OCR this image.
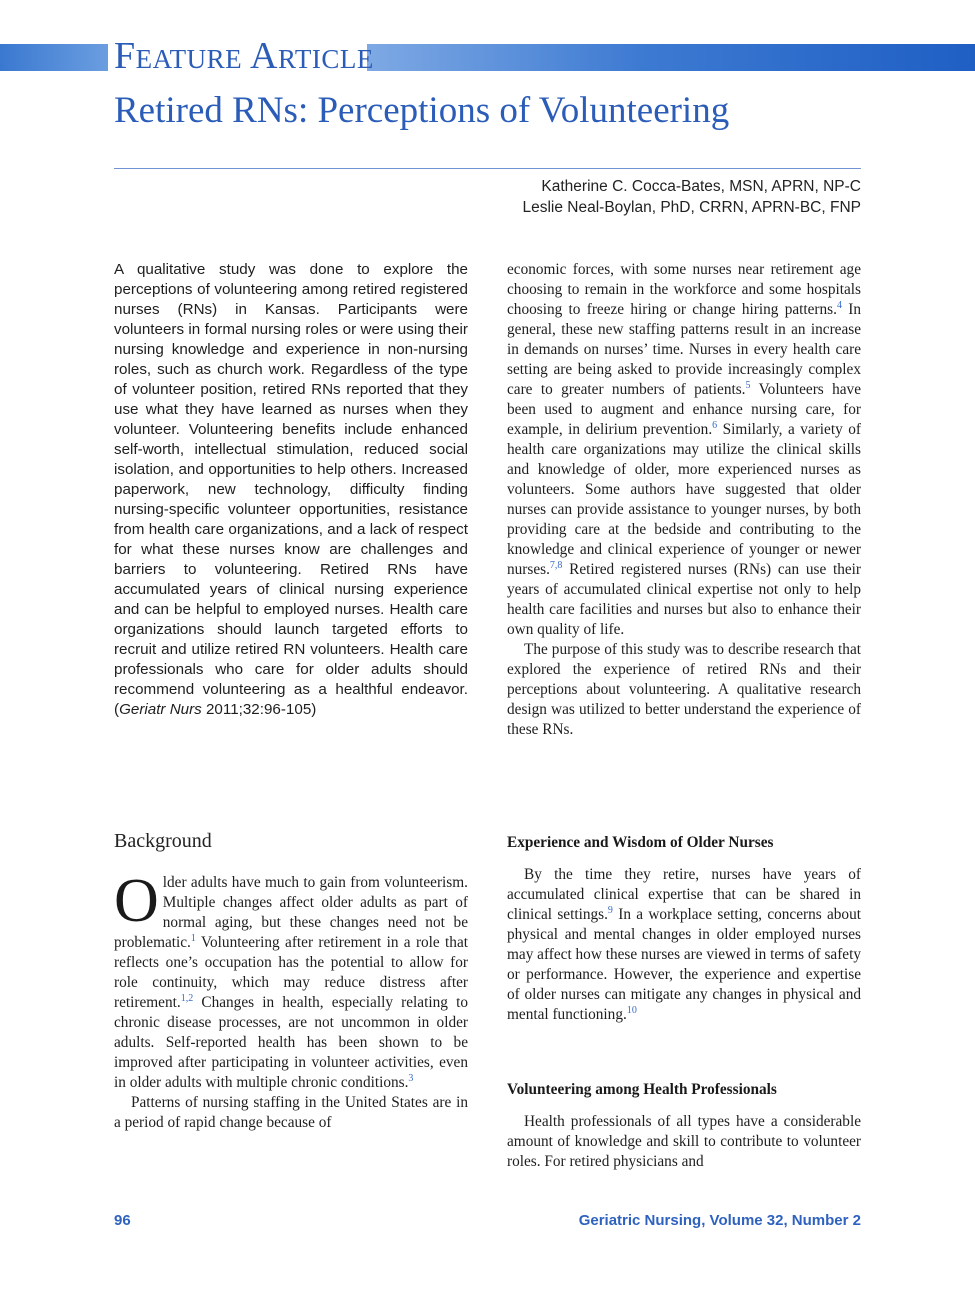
Feature Article
Retired RNs: Perceptions of Volunteering
Katherine C. Cocca-Bates, MSN, APRN, NP-C
Leslie Neal-Boylan, PhD, CRRN, APRN-BC, FNP

A qualitative study was done to explore the perceptions of volunteering among retired registered nurses (RNs) in Kansas. Participants were volunteers in formal nursing roles or were using their nursing knowledge and experience in non-nursing roles, such as church work. Regardless of the type of volunteer position, retired RNs reported that they use what they have learned as nurses when they volunteer. Volunteering benefits include enhanced self-worth, intellectual stimulation, reduced social isolation, and opportunities to help others. Increased paperwork, new technology, difficulty finding nursing-specific volunteer opportunities, resistance from health care organizations, and a lack of respect for what these nurses know are challenges and barriers to volunteering. Retired RNs have accumulated years of clinical nursing experience and can be helpful to employed nurses. Health care organizations should launch targeted efforts to recruit and utilize retired RN volunteers. Health care professionals who care for older adults should recommend volunteering as a healthful endeavor. (Geriatr Nurs 2011;32:96-105)

Background

Older adults have much to gain from volunteerism. Multiple changes affect older adults as part of normal aging, but these changes need not be problematic.$^1$ Volunteering after retirement in a role that reflects one’s occupation has the potential to allow for role continuity, which may reduce distress after retirement.$^{1,2}$ Changes in health, especially relating to chronic disease processes, are not uncommon in older adults. Self-reported health has been shown to be improved after participating in volunteer activities, even in older adults with multiple chronic conditions.$^3$

Patterns of nursing staffing in the United States are in a period of rapid change because of

economic forces, with some nurses near retirement age choosing to remain in the workforce and some hospitals choosing to freeze hiring or change hiring patterns.$^4$ In general, these new staffing patterns result in an increase in demands on nurses’ time. Nurses in every health care setting are being asked to provide increasingly complex care to greater numbers of patients.$^5$ Volunteers have been used to augment and enhance nursing care, for example, in delirium prevention.$^6$ Similarly, a variety of health care organizations may utilize the clinical skills and knowledge of older, more experienced nurses as volunteers. Some authors have suggested that older nurses can provide assistance to younger nurses, by both providing care at the bedside and contributing to the knowledge and clinical experience of younger or newer nurses.$^{7,8}$ Retired registered nurses (RNs) can use their years of accumulated clinical expertise not only to help health care facilities and nurses but also to enhance their own quality of life.

The purpose of this study was to describe research that explored the experience of retired RNs and their perceptions about volunteering. A qualitative research design was utilized to better understand the experience of these RNs.

Experience and Wisdom of Older Nurses

By the time they retire, nurses have years of accumulated clinical expertise that can be shared in clinical settings.$^9$ In a workplace setting, concerns about physical and mental changes in older employed nurses may affect how these nurses are viewed in terms of safety or performance. However, the experience and expertise of older nurses can mitigate any changes in physical and mental functioning.$^{10}$

Volunteering among Health Professionals

Health professionals of all types have a considerable amount of knowledge and skill to contribute to volunteer roles. For retired physicians and

96	Geriatric Nursing, Volume 32, Number 2
